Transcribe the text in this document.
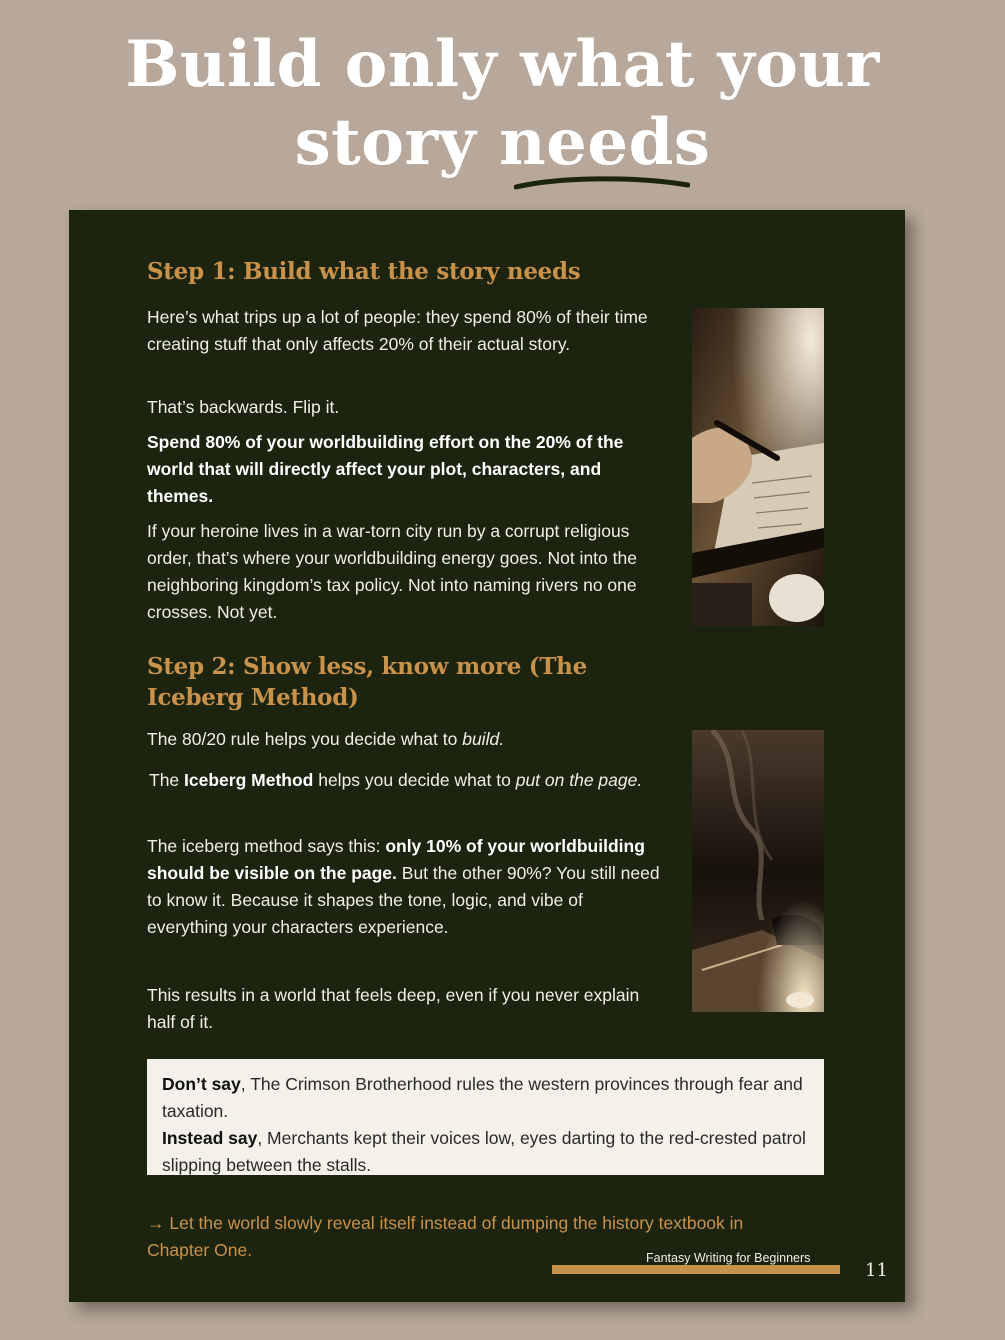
Build only what your
story needs
Step 1: Build what the story needs
Here’s what trips up a lot of people: they spend 80% of their time creating stuff that only affects 20% of their actual story.
That’s backwards. Flip it.
Spend 80% of your worldbuilding effort on the 20% of the world that will directly affect your plot, characters, and themes.
If your heroine lives in a war-torn city run by a corrupt religious order, that’s where your worldbuilding energy goes. Not into the neighboring kingdom’s tax policy. Not into naming rivers no one crosses. Not yet.
Step 2: Show less, know more (The Iceberg Method)
The 80/20 rule helps you decide what to build.
The Iceberg Method helps you decide what to put on the page.
The iceberg method says this: only 10% of your worldbuilding should be visible on the page. But the other 90%? You still need to know it. Because it shapes the tone, logic, and vibe of everything your characters experience.
This results in a world that feels deep, even if you never explain half of it.
Don’t say, The Crimson Brotherhood rules the western provinces through fear and taxation.
Instead say, Merchants kept their voices low, eyes darting to the red-crested patrol slipping between the stalls.
→ Let the world slowly reveal itself instead of dumping the history textbook in Chapter One.	Fantasy Writing for Beginners
11
